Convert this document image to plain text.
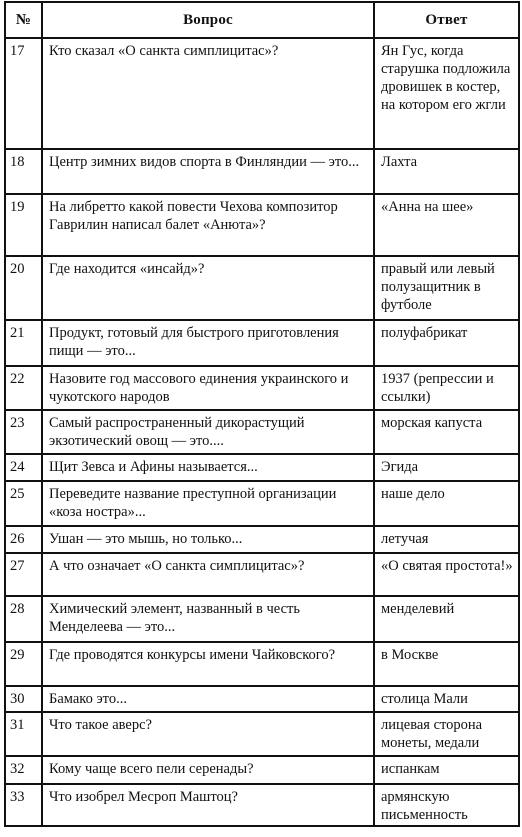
№	Вопрос	Ответ

17	Кто сказал «О санкта симплицитас»?	Ян Гус, когда старушка подложила дровишек в костер, на котором его жгли

18	Центр зимних видов спорта в Финляндии — это...	Лахта

19	На либретто какой повести Чехова композитор Гаврилин написал балет «Анюта»?	«Анна на шее»

20	Где находится «инсайд»?	правый или левый полузащитник в футболе

21	Продукт, готовый для быстрого приготовления пищи — это...	полуфабрикат

22	Назовите год массового единения украинского и чукотского народов	1937 (репрессии и ссылки)

23	Самый распространенный дикорастущий экзотический овощ — это....	морская капуста

24	Щит Зевса и Афины называется...	Эгида

25	Переведите название преступной организации «коза ностра»...	наше дело

26	Ушан — это мышь, но только...	летучая

27	А что означает «О санкта симплицитас»?	«О святая простота!»

28	Химический элемент, названный в честь Менделеева — это...	менделевий

29	Где проводятся конкурсы имени Чайковского?	в Москве

30	Бамако это...	столица Мали

31	Что такое аверс?	лицевая сторона монеты, медали

32	Кому чаще всего пели серенады?	испанкам

33	Что изобрел Месроп Маштоц?	армянскую письменность
